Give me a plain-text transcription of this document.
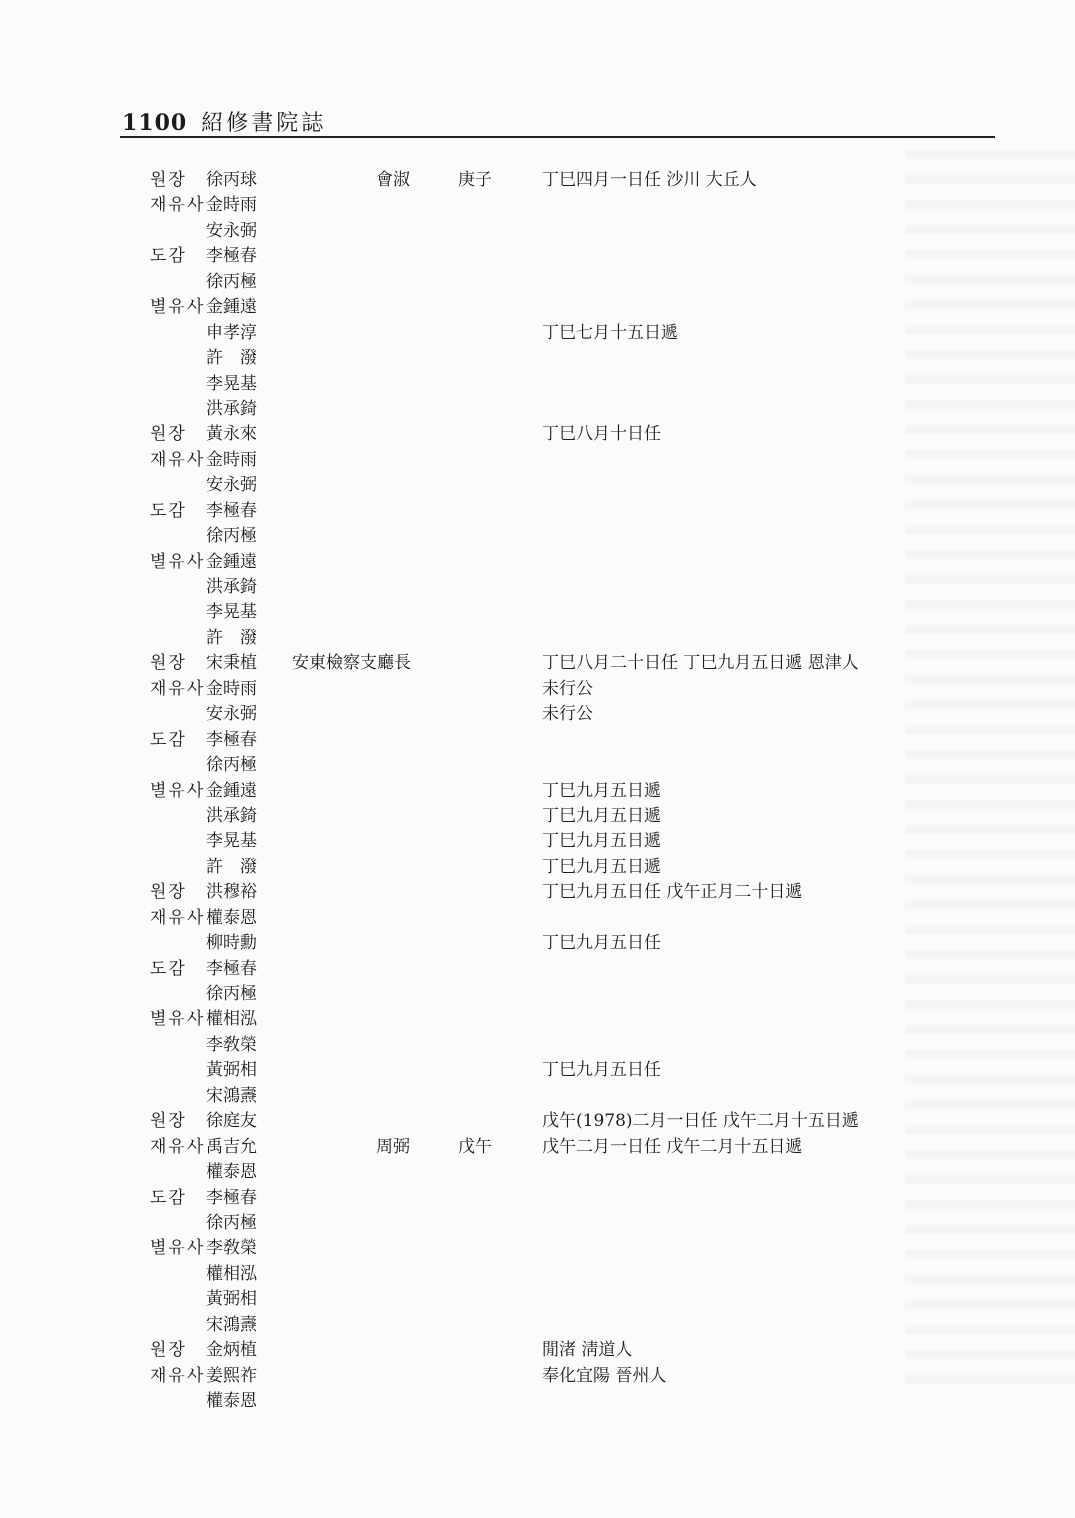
1100 紹修書院誌
원장 徐丙球	會淑	庚子	丁巳四月一日任 沙川 大丘人
재유사 金時雨
安永弼
도감 李極春
徐丙極
별유사 金鍾遠
申孝淳	丁巳七月十五日遞
許　潑
李晃基
洪承錡
원장 黃永來	丁巳八月十日任
재유사 金時雨
安永弼
도감 李極春
徐丙極
별유사 金鍾遠
洪承錡
李晃基
許　潑
원장 宋秉植 安東檢察支廳長	丁巳八月二十日任 丁巳九月五日遞 恩津人
재유사 金時雨	未行公
安永弼	未行公
도감 李極春
徐丙極
별유사 金鍾遠	丁巳九月五日遞
洪承錡	丁巳九月五日遞
李晃基	丁巳九月五日遞
許　潑	丁巳九月五日遞
원장 洪穆裕	丁巳九月五日任 戊午正月二十日遞
재유사 權泰恩
柳時勳	丁巳九月五日任
도감 李極春
徐丙極
별유사 權相泓
李敎榮
黃弼相	丁巳九月五日任
宋鴻燾
원장 徐庭友	戊午(1978)二月一日任 戊午二月十五日遞
재유사 禹吉允	周弼	戊午	戊午二月一日任 戊午二月十五日遞
權泰恩
도감 李極春
徐丙極
별유사 李敎榮
權相泓
黃弼相
宋鴻燾
원장 金炳植	閒渚 淸道人
재유사 姜熙祚	奉化宜陽 晉州人
權泰恩
